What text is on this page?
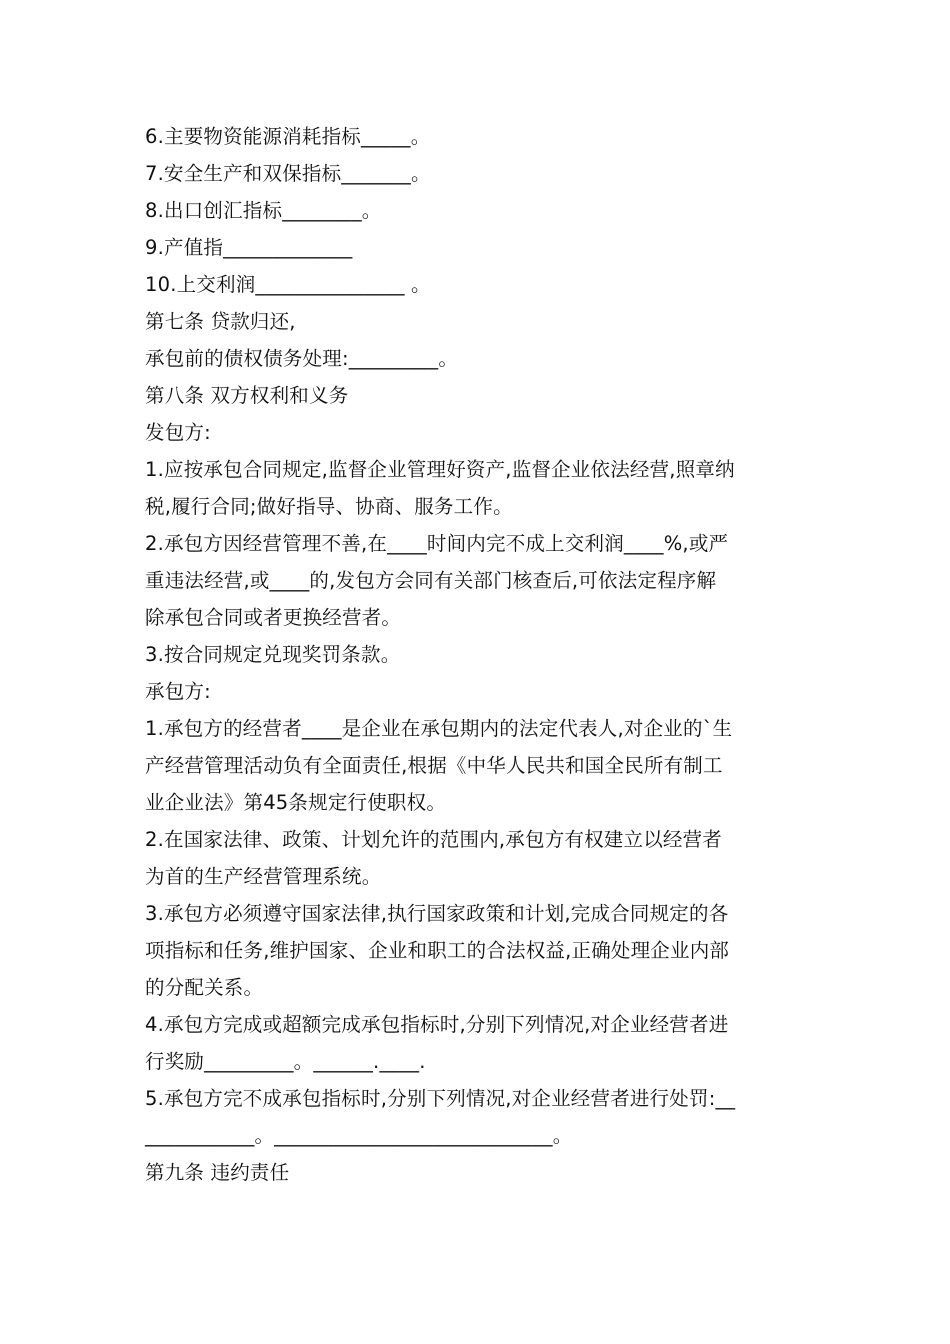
6.主要物资能源消耗指标_____。
7.安全生产和双保指标_______。
8.出口创汇指标________。
9.产值指_____________
10.上交利润_______________ 。
第七条 贷款归还,
承包前的债权债务处理:_________。
第八条 双方权利和义务
发包方:
1.应按承包合同规定,监督企业管理好资产,监督企业依法经营,照章纳
税,履行合同;做好指导、协商、服务工作。
2.承包方因经营管理不善,在____时间内完不成上交利润____%,或严
重违法经营,或____的,发包方会同有关部门核查后,可依法定程序解
除承包合同或者更换经营者。
3.按合同规定兑现奖罚条款。
承包方:
1.承包方的经营者____是企业在承包期内的法定代表人,对企业的`生
产经营管理活动负有全面责任,根据《中华人民共和国全民所有制工
业企业法》第45条规定行使职权。
2.在国家法律、政策、计划允许的范围内,承包方有权建立以经营者
为首的生产经营管理系统。
3.承包方必须遵守国家法律,执行国家政策和计划,完成合同规定的各
项指标和任务,维护国家、企业和职工的合法权益,正确处理企业内部
的分配关系。
4.承包方完成或超额完成承包指标时,分别下列情况,对企业经营者进
行奖励_________。______.____.
5.承包方完不成承包指标时,分别下列情况,对企业经营者进行处罚:__
___________。____________________________。
第九条 违约责任
